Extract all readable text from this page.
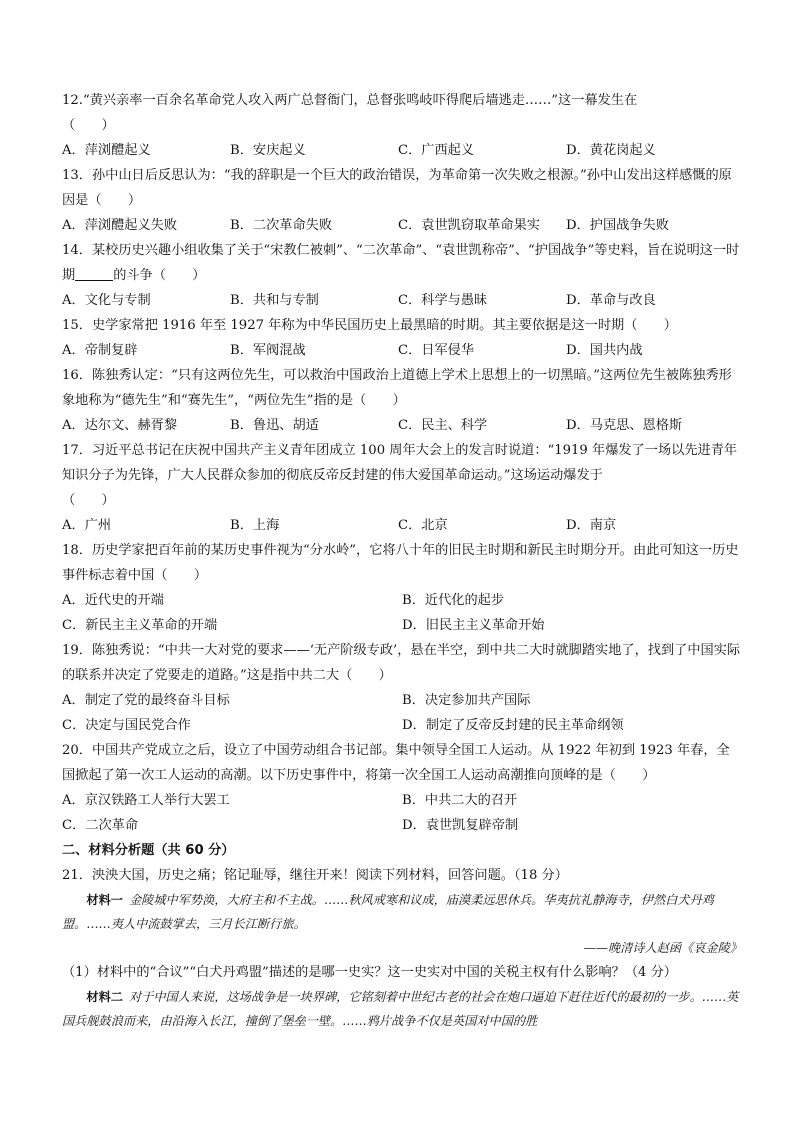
12.“黄兴亲率一百余名革命党人攻入两广总督衙门，总督张鸣岐吓得爬后墙逃走……”这一幕发生在
（　　）

A．萍浏醴起义	B．安庆起义	C．广西起义	D．黄花岗起义

13．孙中山日后反思认为：“我的辞职是一个巨大的政治错误，为革命第一次失败之根源。”孙中山发出这样感慨的原因是（　　）

A．萍浏醴起义失败	B．二次革命失败	C．袁世凯窃取革命果实	D．护国战争失败

14．某校历史兴趣小组收集了关于“宋教仁被刺”、“二次革命”、“袁世凯称帝”、“护国战争”等史料，旨在说明这一时期	的斗争（　　）

A．文化与专制	B．共和与专制	C．科学与愚昧	D．革命与改良

15．史学家常把 1916 年至 1927 年称为中华民国历史上最黑暗的时期。其主要依据是这一时期（　　）

A．帝制复辟	B．军阀混战	C．日军侵华	D．国共内战

16．陈独秀认定：“只有这两位先生，可以救治中国政治上道德上学术上思想上的一切黑暗。”这两位先生被陈独秀形象地称为“德先生”和“赛先生”，“两位先生”指的是（　　）

A．达尔文、赫胥黎	B．鲁迅、胡适	C．民主、科学	D．马克思、恩格斯

17．习近平总书记在庆祝中国共产主义青年团成立 100 周年大会上的发言时说道：“1919 年爆发了一场以先进青年知识分子为先锋，广大人民群众参加的彻底反帝反封建的伟大爱国革命运动。”这场运动爆发于
（　　）

A．广州	B．上海	C．北京	D．南京

18．历史学家把百年前的某历史事件视为“分水岭”，它将八十年的旧民主时期和新民主时期分开。由此可知这一历史事件标志着中国（　　）

A．近代史的开端	B．近代化的起步
C．新民主主义革命的开端	D．旧民主主义革命开始

19．陈独秀说：“中共一大对党的要求——‘无产阶级专政’，悬在半空，到中共二大时就脚踏实地了，找到了中国实际的联系并决定了党要走的道路。”这是指中共二大（　　）

A．制定了党的最终奋斗目标	B．决定参加共产国际
C．决定与国民党合作	D．制定了反帝反封建的民主革命纲领

20．中国共产党成立之后，设立了中国劳动组合书记部。集中领导全国工人运动。从 1922 年初到 1923 年春，全国掀起了第一次工人运动的高潮。以下历史事件中，将第一次全国工人运动高潮推向顶峰的是（　　）

A．京汉铁路工人举行大罢工	B．中共二大的召开
C．二次革命	D．袁世凯复辟帝制
二、材料分析题（共 60 分）

21．泱泱大国，历史之痛；铭记耻辱，继往开来！阅读下列材料，回答问题。（18 分）

材料一 金陵城中军势涣，大府主和不主战。……秋风戒寒和议成，庙漠柔远思休兵。华夷抗礼静海寺，伊然白犬丹鸡盟。……夷人中流鼓掌去，三月长江断行旅。

——晚清诗人赵函《哀金陵》

（1）材料中的“合议”“白犬丹鸡盟”描述的是哪一史实？这一史实对中国的关税主权有什么影响？（4 分）

材料二 对于中国人来说，这场战争是一块界碑，它铭刻着中世纪古老的社会在炮口逼迫下赶往近代的最初的一步。……英国兵舰鼓浪而来，由沿海入长江，撞倒了堡垒一壁。……鸦片战争不仅是英国对中国的胜
